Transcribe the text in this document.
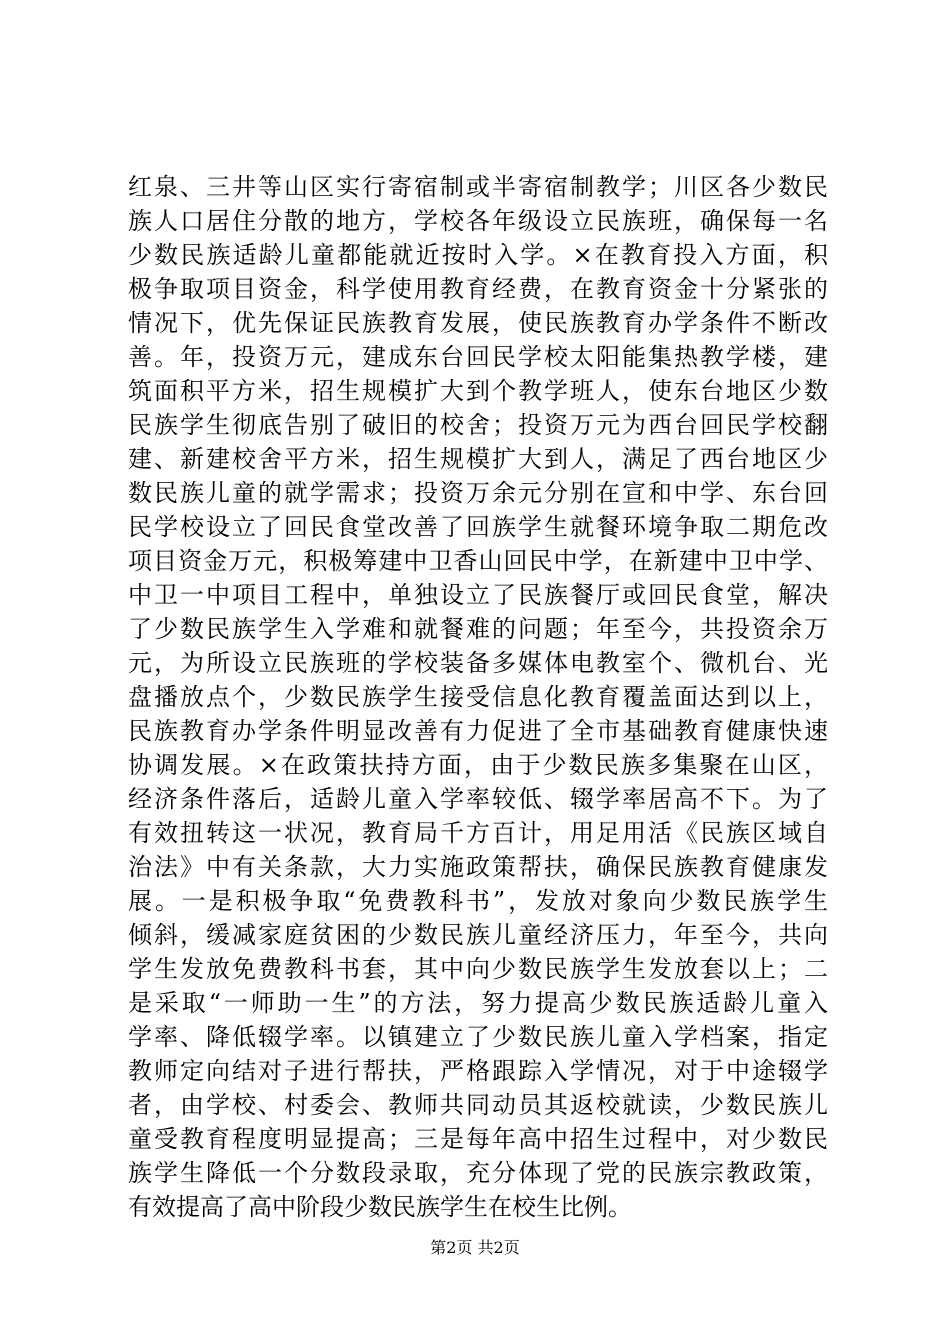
红泉、三井等山区实行寄宿制或半寄宿制教学；川区各少数民
族人口居住分散的地方，学校各年级设立民族班，确保每一名
少数民族适龄儿童都能就近按时入学。×在教育投入方面，积
极争取项目资金，科学使用教育经费，在教育资金十分紧张的
情况下，优先保证民族教育发展，使民族教育办学条件不断改
善。年，投资万元，建成东台回民学校太阳能集热教学楼，建
筑面积平方米，招生规模扩大到个教学班人，使东台地区少数
民族学生彻底告别了破旧的校舍；投资万元为西台回民学校翻
建、新建校舍平方米，招生规模扩大到人，满足了西台地区少
数民族儿童的就学需求；投资万余元分别在宣和中学、东台回
民学校设立了回民食堂改善了回族学生就餐环境争取二期危改
项目资金万元，积极筹建中卫香山回民中学，在新建中卫中学、
中卫一中项目工程中，单独设立了民族餐厅或回民食堂，解决
了少数民族学生入学难和就餐难的问题；年至今，共投资余万
元，为所设立民族班的学校装备多媒体电教室个、微机台、光
盘播放点个，少数民族学生接受信息化教育覆盖面达到以上，
民族教育办学条件明显改善有力促进了全市基础教育健康快速
协调发展。×在政策扶持方面，由于少数民族多集聚在山区，
经济条件落后，适龄儿童入学率较低、辍学率居高不下。为了
有效扭转这一状况，教育局千方百计，用足用活《民族区域自
治法》中有关条款，大力实施政策帮扶，确保民族教育健康发
展。一是积极争取“免费教科书”，发放对象向少数民族学生
倾斜，缓减家庭贫困的少数民族儿童经济压力，年至今，共向
学生发放免费教科书套，其中向少数民族学生发放套以上；二
是采取“一师助一生”的方法，努力提高少数民族适龄儿童入
学率、降低辍学率。以镇建立了少数民族儿童入学档案，指定
教师定向结对子进行帮扶，严格跟踪入学情况，对于中途辍学
者，由学校、村委会、教师共同动员其返校就读，少数民族儿
童受教育程度明显提高；三是每年高中招生过程中，对少数民
族学生降低一个分数段录取，充分体现了党的民族宗教政策，
有效提高了高中阶段少数民族学生在校生比例。
第2页 共2页
